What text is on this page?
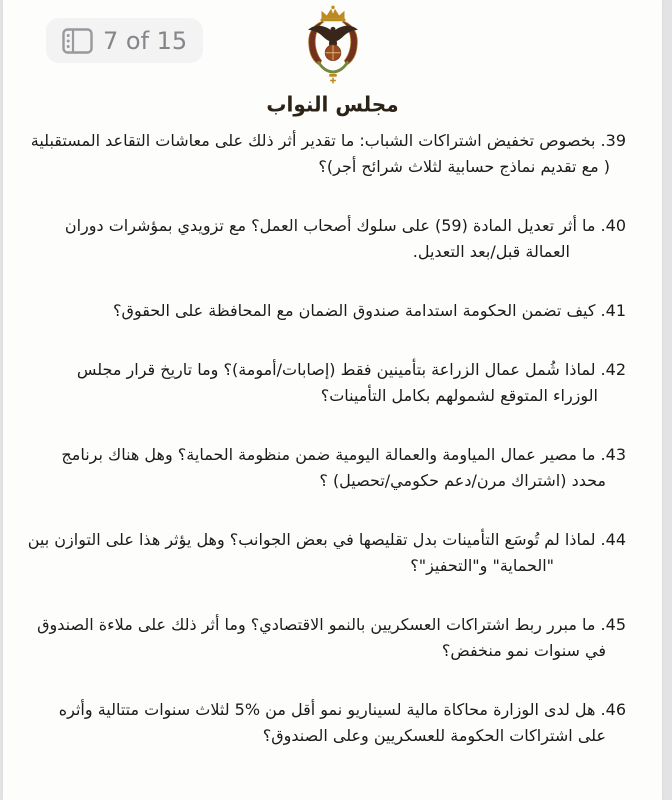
مجلس النواب
39. بخصوص تخفيض اشتراكات الشباب: ما تقدير أثر ذلك على معاشات التقاعد المستقبلية
( مع تقديم نماذج حسابية لثلاث شرائح أجر)؟
40. ما أثر تعديل المادة (59) على سلوك أصحاب العمل؟ مع تزويدي بمؤشرات دوران
العمالة قبل/بعد التعديل.
41. كيف تضمن الحكومة استدامة صندوق الضمان مع المحافظة على الحقوق؟
42. لماذا شُمل عمال الزراعة بتأمينين فقط (إصابات/أمومة)؟ وما تاريخ قرار مجلس
الوزراء المتوقع لشمولهم بكامل التأمينات؟
43. ما مصير عمال المياومة والعمالة اليومية ضمن منظومة الحماية؟ وهل هناك برنامج
محدد (اشتراك مرن/دعم حكومي/تحصيل) ؟
44. لماذا لم تُوسَع التأمينات بدل تقليصها في بعض الجوانب؟ وهل يؤثر هذا على التوازن بين
"الحماية" و"التحفيز"؟
45. ما مبرر ربط اشتراكات العسكريين بالنمو الاقتصادي؟ وما أثر ذلك على ملاءة الصندوق
في سنوات نمو منخفض؟
46. هل لدى الوزارة محاكاة مالية لسيناريو نمو أقل من %5 لثلاث سنوات متتالية وأثره
على اشتراكات الحكومة للعسكريين وعلى الصندوق؟
7 of 15
